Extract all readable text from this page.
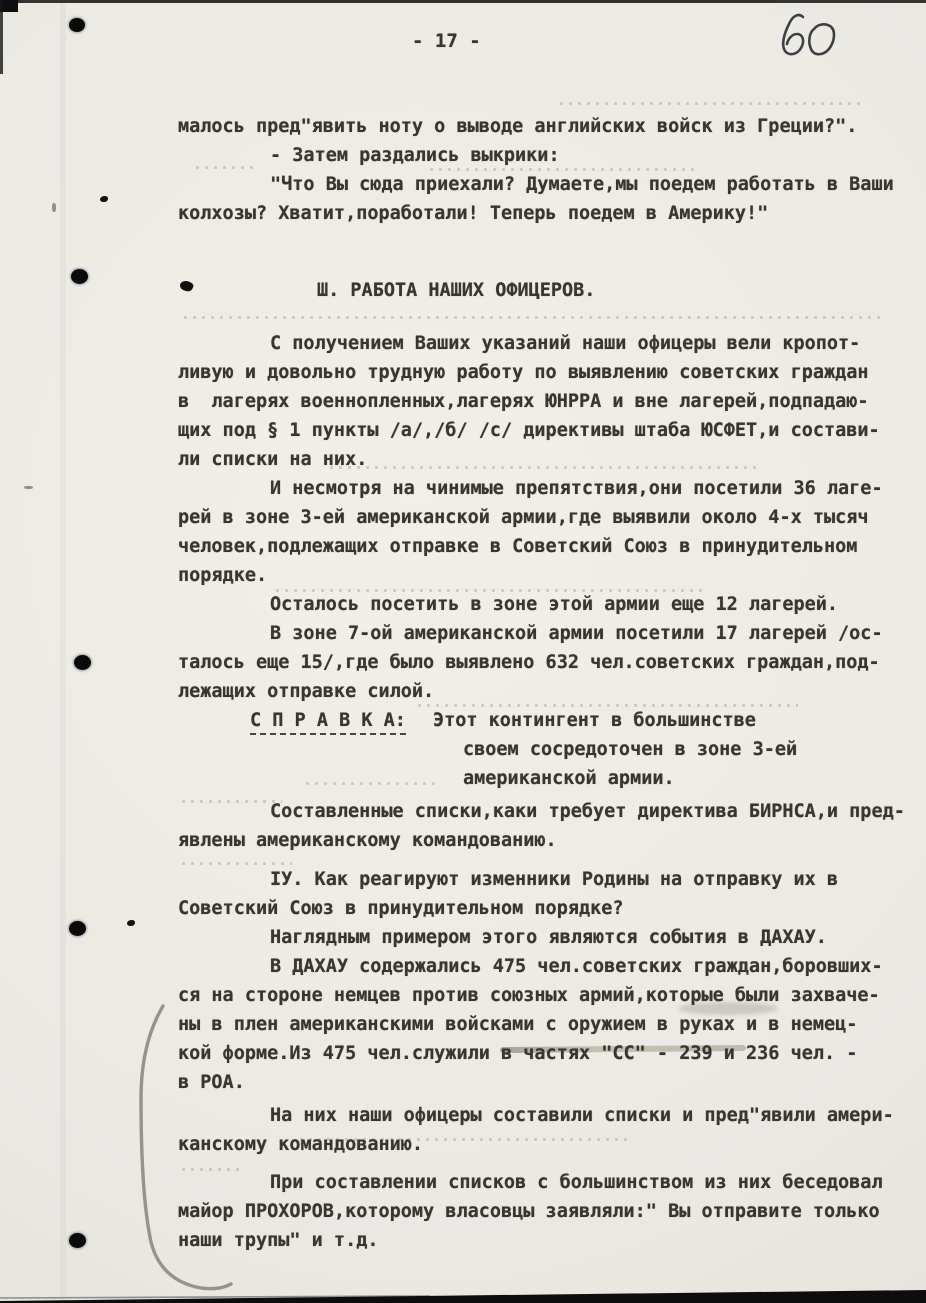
- 17 -
малось пред"явить ноту о выводе английских войск из Греции?".
- Затем раздались выкрики:
"Что Вы сюда приехали? Думаете,мы поедем работать в Ваши
колхозы? Хватит,поработали! Теперь поедем в Америку!"
Ш. РАБОТА НАШИХ ОФИЦЕРОВ.
С получением Ваших указаний наши офицеры вели кропот-
ливую и довольно трудную работу по выявлению советских граждан
в  лагерях военнопленных,лагерях ЮНРРА и вне лагерей,подпадаю-
щих под § 1 пункты /а/,/б/ /с/ директивы штаба ЮСФЕТ,и состави-
ли списки на них.
И несмотря на чинимые препятствия,они посетили 36 лаге-
рей в зоне 3-ей американской армии,где выявили около 4-х тысяч
человек,подлежащих отправке в Советский Союз в принудительном
порядке.
Осталось посетить в зоне этой армии еще 12 лагерей.
В зоне 7-ой американской армии посетили 17 лагерей /ос-
талось еще 15/,где было выявлено 632 чел.советских граждан,под-
лежащих отправке силой.
С П Р А В К А: Этот контингент в большинстве
своем сосредоточен в зоне 3-ей
американской армии.
Составленные списки,каки требует директива БИРНСА,и пред-
явлены американскому командованию.
IУ. Как реагируют изменники Родины на отправку их в
Советский Союз в принудительном порядке?
Наглядным примером этого являются события в ДАХАУ.
В ДАХАУ содержались 475 чел.советских граждан,боровших-
ся на стороне немцев против союзных армий,которые были захваче-
ны в плен американскими войсками с оружием в руках и в немец-
кой форме.Из 475 чел.служили в частях "СС" - 239 и 236 чел. -
в РОА.
На них наши офицеры составили списки и пред"явили амери-
канскому командованию.
При составлении списков с большинством из них беседовал
майор ПРОХОРОВ,которому власовцы заявляли:" Вы отправите только
наши трупы" и т.д.
